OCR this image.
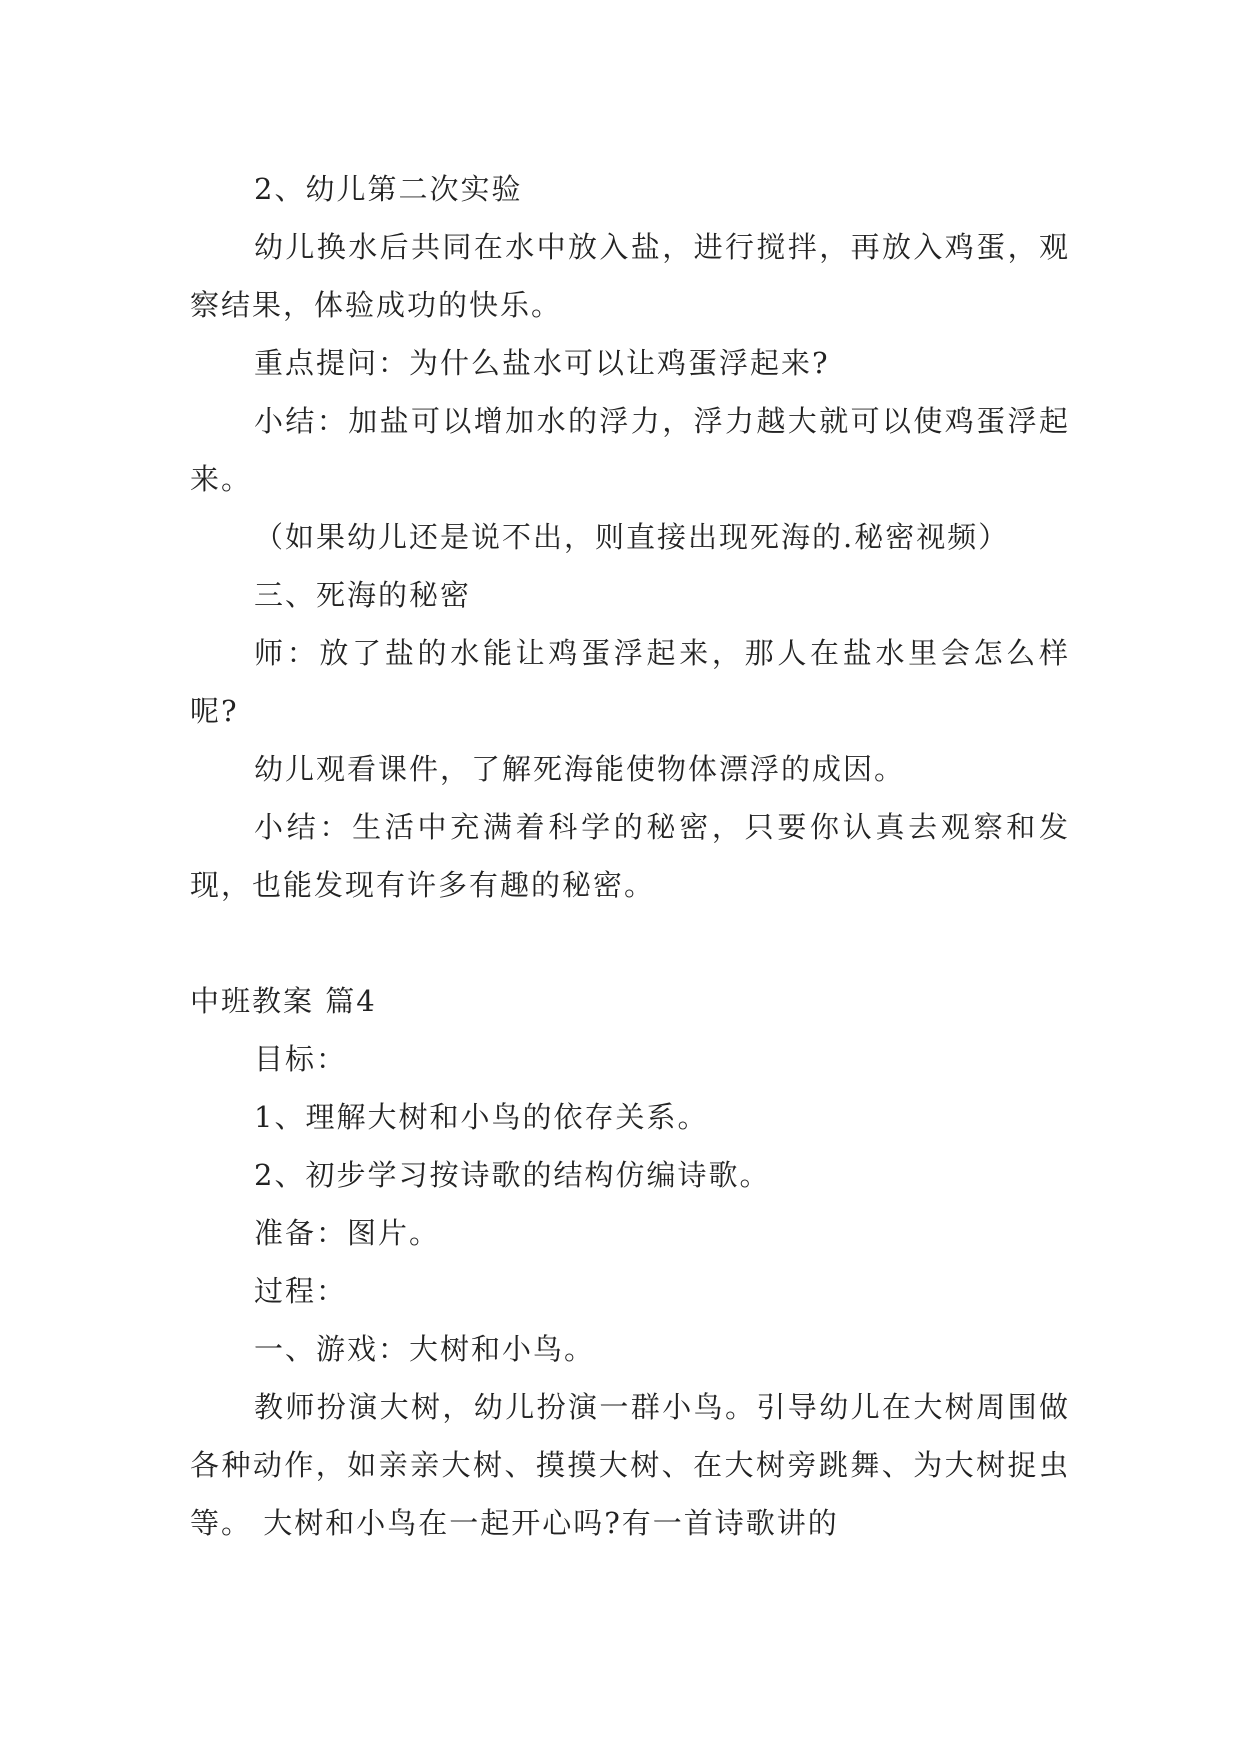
2、幼儿第二次实验

幼儿换水后共同在水中放入盐，进行搅拌，再放入鸡蛋，观察结果，体验成功的快乐。

重点提问：为什么盐水可以让鸡蛋浮起来?

小结：加盐可以增加水的浮力，浮力越大就可以使鸡蛋浮起来。

（如果幼儿还是说不出，则直接出现死海的.秘密视频）

三、死海的秘密

师：放了盐的水能让鸡蛋浮起来，那人在盐水里会怎么样呢?

幼儿观看课件，了解死海能使物体漂浮的成因。

小结：生活中充满着科学的秘密，只要你认真去观察和发现，也能发现有许多有趣的秘密。

中班教案 篇4

目标：

1、理解大树和小鸟的依存关系。

2、初步学习按诗歌的结构仿编诗歌。

准备：图片。

过程：

一、游戏：大树和小鸟。

教师扮演大树，幼儿扮演一群小鸟。引导幼儿在大树周围做各种动作，如亲亲大树、摸摸大树、在大树旁跳舞、为大树捉虫等。 大树和小鸟在一起开心吗?有一首诗歌讲的
